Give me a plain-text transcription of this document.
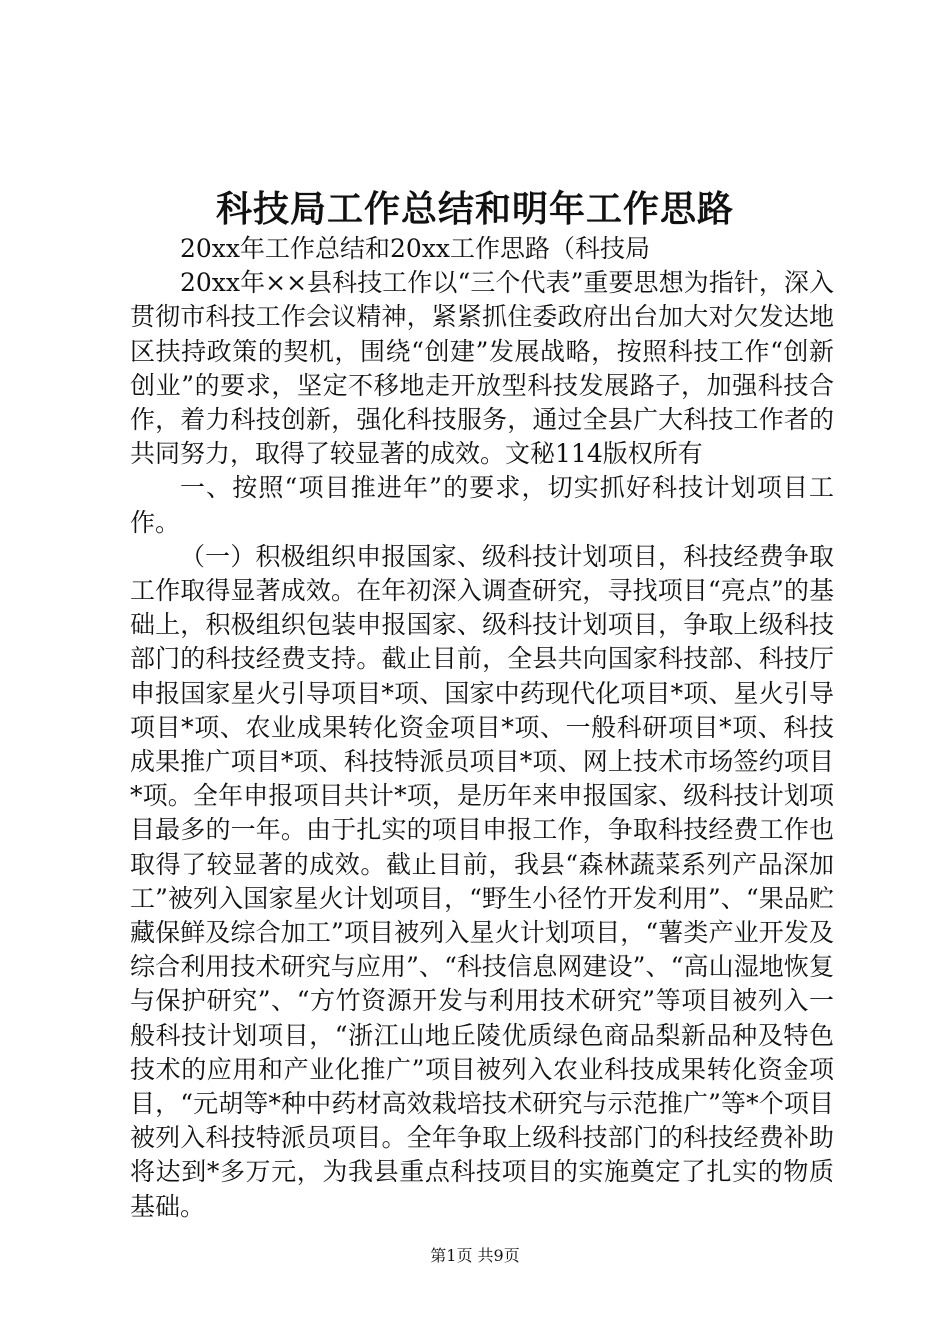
科技局工作总结和明年工作思路

20xx年工作总结和20xx工作思路（科技局

20xx年××县科技工作以“三个代表”重要思想为指针，深入贯彻市科技工作会议精神，紧紧抓住委政府出台加大对欠发达地区扶持政策的契机，围绕“创建”发展战略，按照科技工作“创新创业”的要求，坚定不移地走开放型科技发展路子，加强科技合作，着力科技创新，强化科技服务，通过全县广大科技工作者的共同努力，取得了较显著的成效。文秘114版权所有

一、按照“项目推进年”的要求，切实抓好科技计划项目工作。

（一）积极组织申报国家、级科技计划项目，科技经费争取工作取得显著成效。在年初深入调查研究，寻找项目“亮点”的基础上，积极组织包装申报国家、级科技计划项目，争取上级科技部门的科技经费支持。截止目前，全县共向国家科技部、科技厅申报国家星火引导项目*项、国家中药现代化项目*项、星火引导项目*项、农业成果转化资金项目*项、一般科研项目*项、科技成果推广项目*项、科技特派员项目*项、网上技术市场签约项目*项。全年申报项目共计*项，是历年来申报国家、级科技计划项目最多的一年。由于扎实的项目申报工作，争取科技经费工作也取得了较显著的成效。截止目前，我县“森林蔬菜系列产品深加工”被列入国家星火计划项目，“野生小径竹开发利用”、“果品贮藏保鲜及综合加工”项目被列入星火计划项目，“薯类产业开发及综合利用技术研究与应用”、“科技信息网建设”、“高山湿地恢复与保护研究”、“方竹资源开发与利用技术研究”等项目被列入一般科技计划项目，“浙江山地丘陵优质绿色商品梨新品种及特色技术的应用和产业化推广”项目被列入农业科技成果转化资金项目，“元胡等*种中药材高效栽培技术研究与示范推广”等*个项目被列入科技特派员项目。全年争取上级科技部门的科技经费补助将达到*多万元，为我县重点科技项目的实施奠定了扎实的物质基础。

第1页 共9页
